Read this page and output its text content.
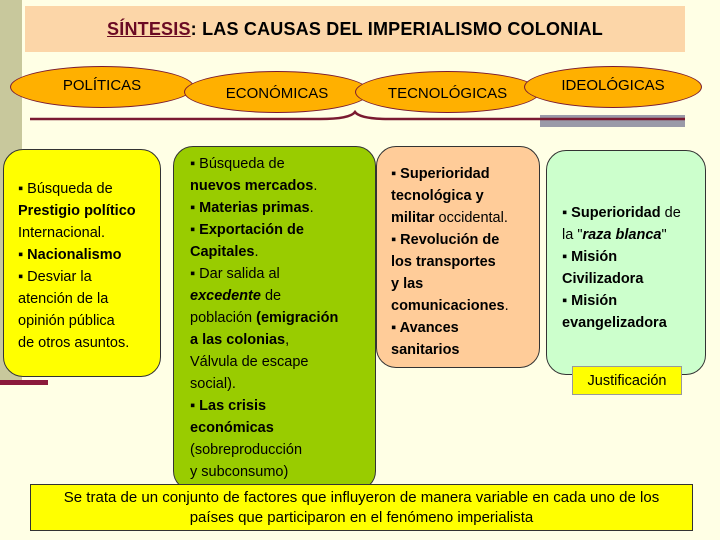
SÍNTESIS : LAS CAUSAS DEL IMPERIALISMO COLONIAL
POLÍTICAS	ECONÓMICAS	TECNOLÓGICAS	IDEOLÓGICAS
▪ Búsqueda de
Prestigio político
Internacional.
▪ Nacionalismo
▪ Desviar la
atención de la
opinión pública
de otros asuntos.
▪ Búsqueda de
nuevos mercados.
▪ Materias primas.
▪ Exportación de
Capitales.
▪ Dar salida al
excedente de
población (emigración
a las colonias,
Válvula de escape
social).
▪ Las crisis
económicas
(sobreproducción
y subconsumo)
▪ Superioridad
tecnológica y
militar occidental.
▪ Revolución de
los transportes
y las
comunicaciones.
▪ Avances
sanitarios
▪ Superioridad de
la "raza blanca"
▪ Misión
Civilizadora
▪ Misión
evangelizadora
Justificación
Se trata de un conjunto de factores que influyeron de manera variable en cada uno de los países que participaron en el fenómeno imperialista
